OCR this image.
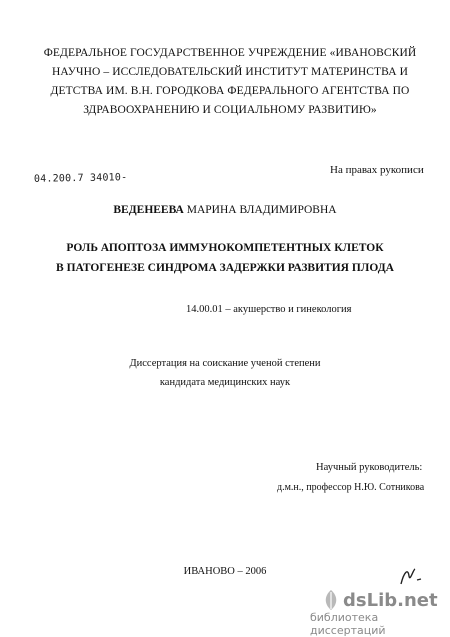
ФЕДЕРАЛЬНОЕ ГОСУДАРСТВЕННОЕ УЧРЕЖДЕНИЕ «ИВАНОВСКИЙ
НАУЧНО – ИССЛЕДОВАТЕЛЬСКИЙ ИНСТИТУТ МАТЕРИНСТВА И
ДЕТСТВА ИМ. В.Н. ГОРОДКОВА ФЕДЕРАЛЬНОГО АГЕНТСТВА ПО
ЗДРАВООХРАНЕНИЮ И СОЦИАЛЬНОМУ РАЗВИТИЮ»
04.200.7 34010-
На правах рукописи
ВЕДЕНЕЕВА МАРИНА ВЛАДИМИРОВНА
РОЛЬ АПОПТОЗА ИММУНОКОМПЕТЕНТНЫХ КЛЕТОК
В ПАТОГЕНЕЗЕ СИНДРОМА ЗАДЕРЖКИ РАЗВИТИЯ ПЛОДА
14.00.01 – акушерство и гинекология
Диссертация на соискание ученой степени
кандидата медицинских наук
Научный руководитель:
д.м.н., профессор Н.Ю. Сотникова
ИВАНОВО – 2006
dsLib.net
библиотека диссертаций
